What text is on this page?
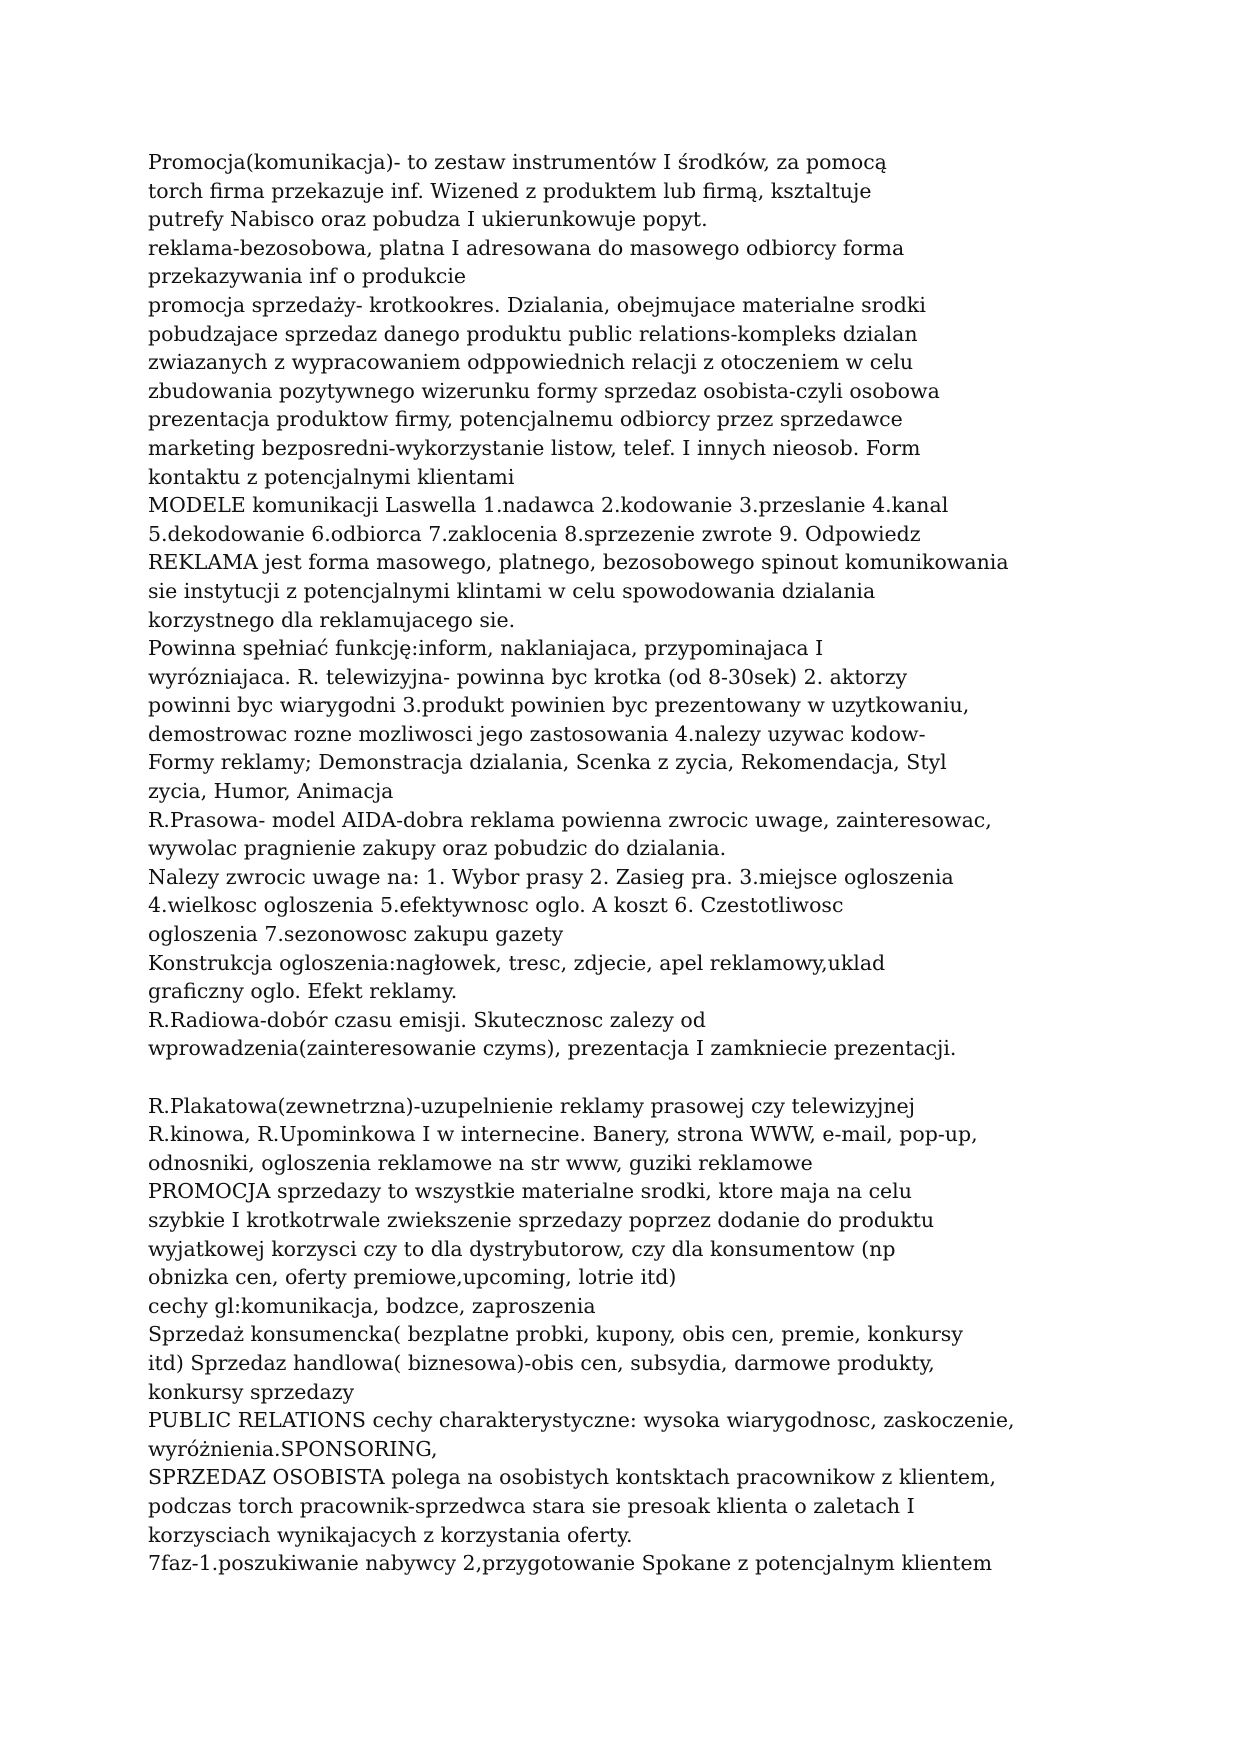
Promocja(komunikacja)- to zestaw instrumentów I środków, za pomocą
torch firma przekazuje inf. Wizened z produktem lub firmą, ksztaltuje
putrefy Nabisco oraz pobudza I ukierunkowuje popyt.
reklama-bezosobowa, platna I adresowana do masowego odbiorcy forma
przekazywania inf o produkcie
promocja sprzedaży- krotkookres. Dzialania, obejmujace materialne srodki
pobudzajace sprzedaz danego produktu public relations-kompleks dzialan
zwiazanych z wypracowaniem odppowiednich relacji z otoczeniem w celu
zbudowania pozytywnego wizerunku formy sprzedaz osobista-czyli osobowa
prezentacja produktow firmy, potencjalnemu odbiorcy przez sprzedawce
marketing bezposredni-wykorzystanie listow, telef. I innych nieosob. Form
kontaktu z potencjalnymi klientami
MODELE komunikacji Laswella 1.nadawca 2.kodowanie 3.przeslanie 4.kanal
5.dekodowanie 6.odbiorca 7.zaklocenia 8.sprzezenie zwrote 9. Odpowiedz
REKLAMA jest forma masowego, platnego, bezosobowego spinout komunikowania
sie instytucji z potencjalnymi klintami w celu spowodowania dzialania
korzystnego dla reklamujacego sie.
Powinna spełniać funkcję:inform, naklaniajaca, przypominajaca I
wyrózniajaca. R. telewizyjna- powinna byc krotka (od 8-30sek) 2. aktorzy
powinni byc wiarygodni 3.produkt powinien byc prezentowany w uzytkowaniu,
demostrowac rozne mozliwosci jego zastosowania 4.nalezy uzywac kodow-
Formy reklamy; Demonstracja dzialania, Scenka z zycia, Rekomendacja, Styl
zycia, Humor, Animacja
R.Prasowa- model AIDA-dobra reklama powienna zwrocic uwage, zainteresowac,
wywolac pragnienie zakupy oraz pobudzic do dzialania.
Nalezy zwrocic uwage na: 1. Wybor prasy 2. Zasieg pra. 3.miejsce ogloszenia
4.wielkosc ogloszenia 5.efektywnosc oglo. A koszt 6. Czestotliwosc
ogloszenia 7.sezonowosc zakupu gazety
Konstrukcja ogloszenia:nagłowek, tresc, zdjecie, apel reklamowy,uklad
graficzny oglo. Efekt reklamy.
R.Radiowa-dobór czasu emisji. Skutecznosc zalezy od
wprowadzenia(zainteresowanie czyms), prezentacja I zamkniecie prezentacji.
R.Plakatowa(zewnetrzna)-uzupelnienie reklamy prasowej czy telewizyjnej
R.kinowa, R.Upominkowa I w internecine. Banery, strona WWW, e-mail, pop-up,
odnosniki, ogloszenia reklamowe na str www, guziki reklamowe
PROMOCJA sprzedazy to wszystkie materialne srodki, ktore maja na celu
szybkie I krotkotrwale zwiekszenie sprzedazy poprzez dodanie do produktu
wyjatkowej korzysci czy to dla dystrybutorow, czy dla konsumentow (np
obnizka cen, oferty premiowe,upcoming, lotrie itd)
cechy gl:komunikacja, bodzce, zaproszenia
Sprzedaż konsumencka( bezplatne probki, kupony, obis cen, premie, konkursy
itd) Sprzedaz handlowa( biznesowa)-obis cen, subsydia, darmowe produkty,
konkursy sprzedazy
PUBLIC RELATIONS cechy charakterystyczne: wysoka wiarygodnosc, zaskoczenie,
wyróżnienia.SPONSORING,
SPRZEDAZ OSOBISTA polega na osobistych kontsktach pracownikow z klientem,
podczas torch pracownik-sprzedwca stara sie presoak klienta o zaletach I
korzysciach wynikajacych z korzystania oferty.
7faz-1.poszukiwanie nabywcy 2,przygotowanie Spokane z potencjalnym klientem
